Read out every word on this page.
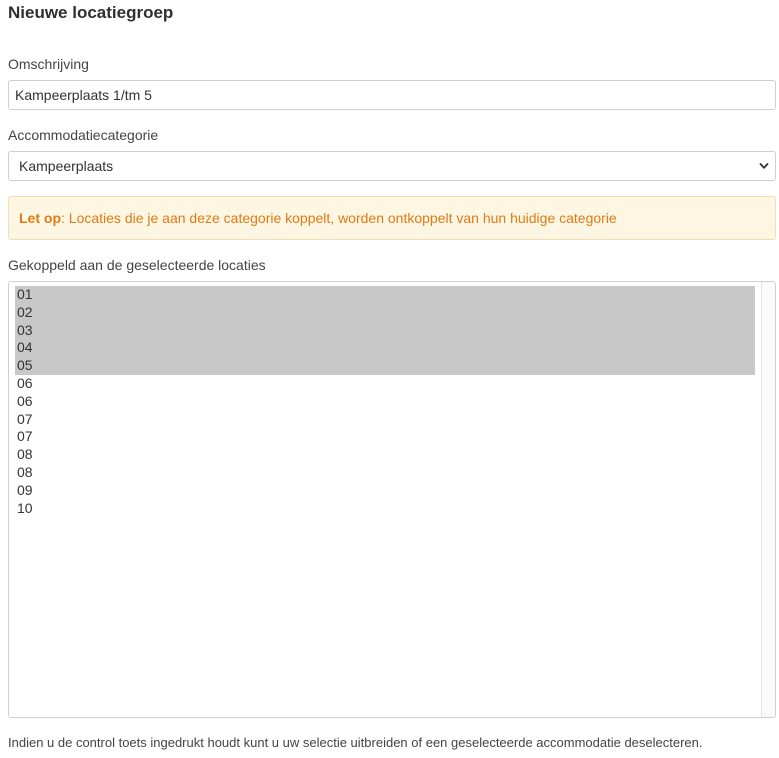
Nieuwe locatiegroep
Omschrijving
Kampeerplaats 1/tm 5
Accommodatiecategorie
Kampeerplaats
Let op: Locaties die je aan deze categorie koppelt, worden ontkoppelt van hun huidige categorie
Gekoppeld aan de geselecteerde locaties
01
02
03
04
05
06
06
07
07
08
08
09
10
Indien u de control toets ingedrukt houdt kunt u uw selectie uitbreiden of een geselecteerde accommodatie deselecteren.
